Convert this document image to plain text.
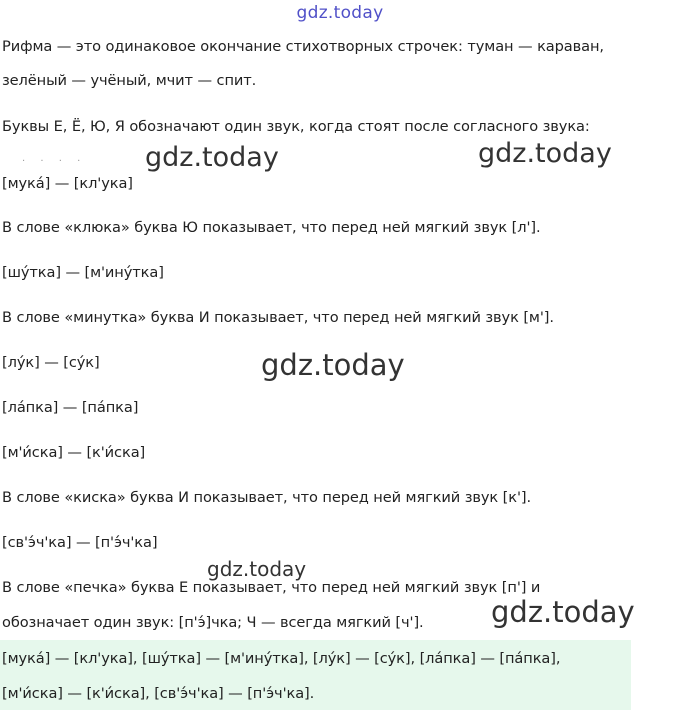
gdz.today
· · · ·
Рифма — это одинаковое окончание стихотворных строчек: туман — караван,
зелёный — учёный, мчит — спит.
Буквы Е, Ё, Ю, Я обозначают один звук, когда стоят после согласного звука:
[мука́] — [кл'ука]
В слове «клюка» буква Ю показывает, что перед ней мягкий звук [л'].
[шу́тка] — [м'ину́тка]
В слове «минутка» буква И показывает, что перед ней мягкий звук [м'].
[лу́к] — [су́к]
[ла́пка] — [па́пка]
[м'и́ска] — [к'и́ска]
В слове «киска» буква И показывает, что перед ней мягкий звук [к'].
[св'э́ч'ка] — [п'э́ч'ка]
В слове «печка» буква Е показывает, что перед ней мягкий звук [п'] и
обозначает один звук: [п'э́]чка; Ч — всегда мягкий [ч'].
[мука́] — [кл'ука], [шу́тка] — [м'ину́тка], [лу́к] — [су́к], [ла́пка] — [па́пка],
[м'и́ска] — [к'и́ска], [св'э́ч'ка] — [п'э́ч'ка].
gdz.today	gdz.today
gdz.today
gdz.today
gdz.today
